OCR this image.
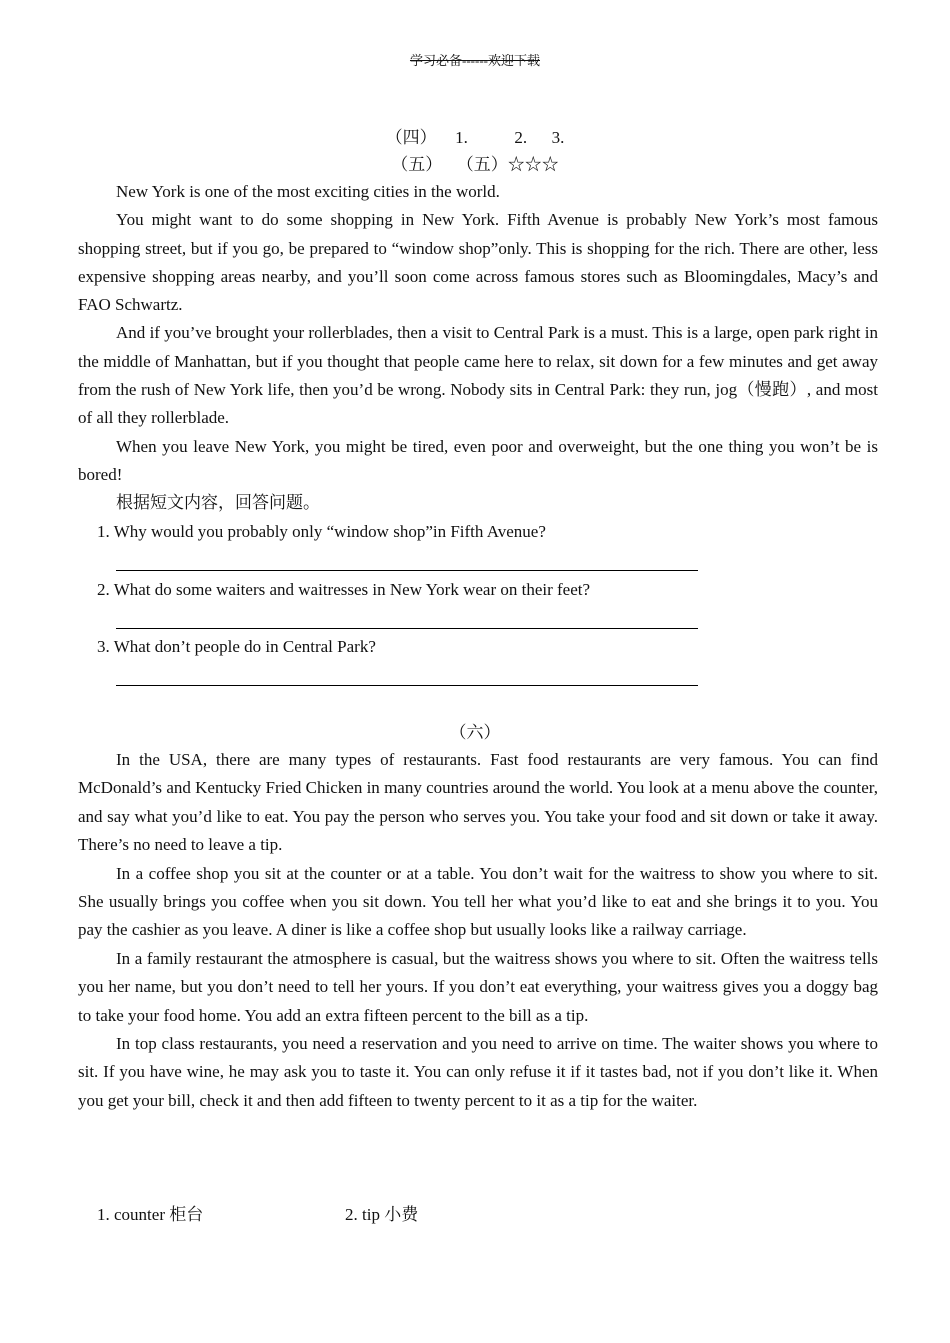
学习必备------欢迎下载
（四） 1.	2. 3.
（五） （五）☆☆☆

New York is one of the most exciting cities in the world.

You might want to do some shopping in New York. Fifth Avenue is probably New York’s most famous shopping street, but if you go, be prepared to “window shop”only. This is shopping for the rich. There are other, less expensive shopping areas nearby, and you’ll soon come across famous stores such as Bloomingdales, Macy’s and FAO Schwartz.

And if you’ve brought your rollerblades, then a visit to Central Park is a must. This is a large, open park right in the middle of Manhattan, but if you thought that people came here to relax, sit down for a few minutes and get away from the rush of New York life, then you’d be wrong. Nobody sits in Central Park: they run, jog（慢跑）, and most of all they rollerblade.

When you leave New York, you might be tired, even poor and overweight, but the one thing you won’t be is bored!

根据短文内容，回答问题。

1. Why would you probably only “window shop”in Fifth Avenue?
2. What do some waiters and waitresses in New York wear on their feet?
3. What don’t people do in Central Park?
（六）

In the USA, there are many types of restaurants. Fast food restaurants are very famous. You can find McDonald’s and Kentucky Fried Chicken in many countries around the world. You look at a menu above the counter, and say what you’d like to eat. You pay the person who serves you. You take your food and sit down or take it away. There’s no need to leave a tip.

In a coffee shop you sit at the counter or at a table. You don’t wait for the waitress to show you where to sit. She usually brings you coffee when you sit down. You tell her what you’d like to eat and she brings it to you. You pay the cashier as you leave. A diner is like a coffee shop but usually looks like a railway carriage.

In a family restaurant the atmosphere is casual, but the waitress shows you where to sit. Often the waitress tells you her name, but you don’t need to tell her yours. If you don’t eat everything, your waitress gives you a doggy bag to take your food home. You add an extra fifteen percent to the bill as a tip.

In top class restaurants, you need a reservation and you need to arrive on time. The waiter shows you where to sit. If you have wine, he may ask you to taste it. You can only refuse it if it tastes bad, not if you don’t like it. When you get your bill, check it and then add fifteen to twenty percent to it as a tip for the waiter.

1. counter 柜台	2. tip 小费
